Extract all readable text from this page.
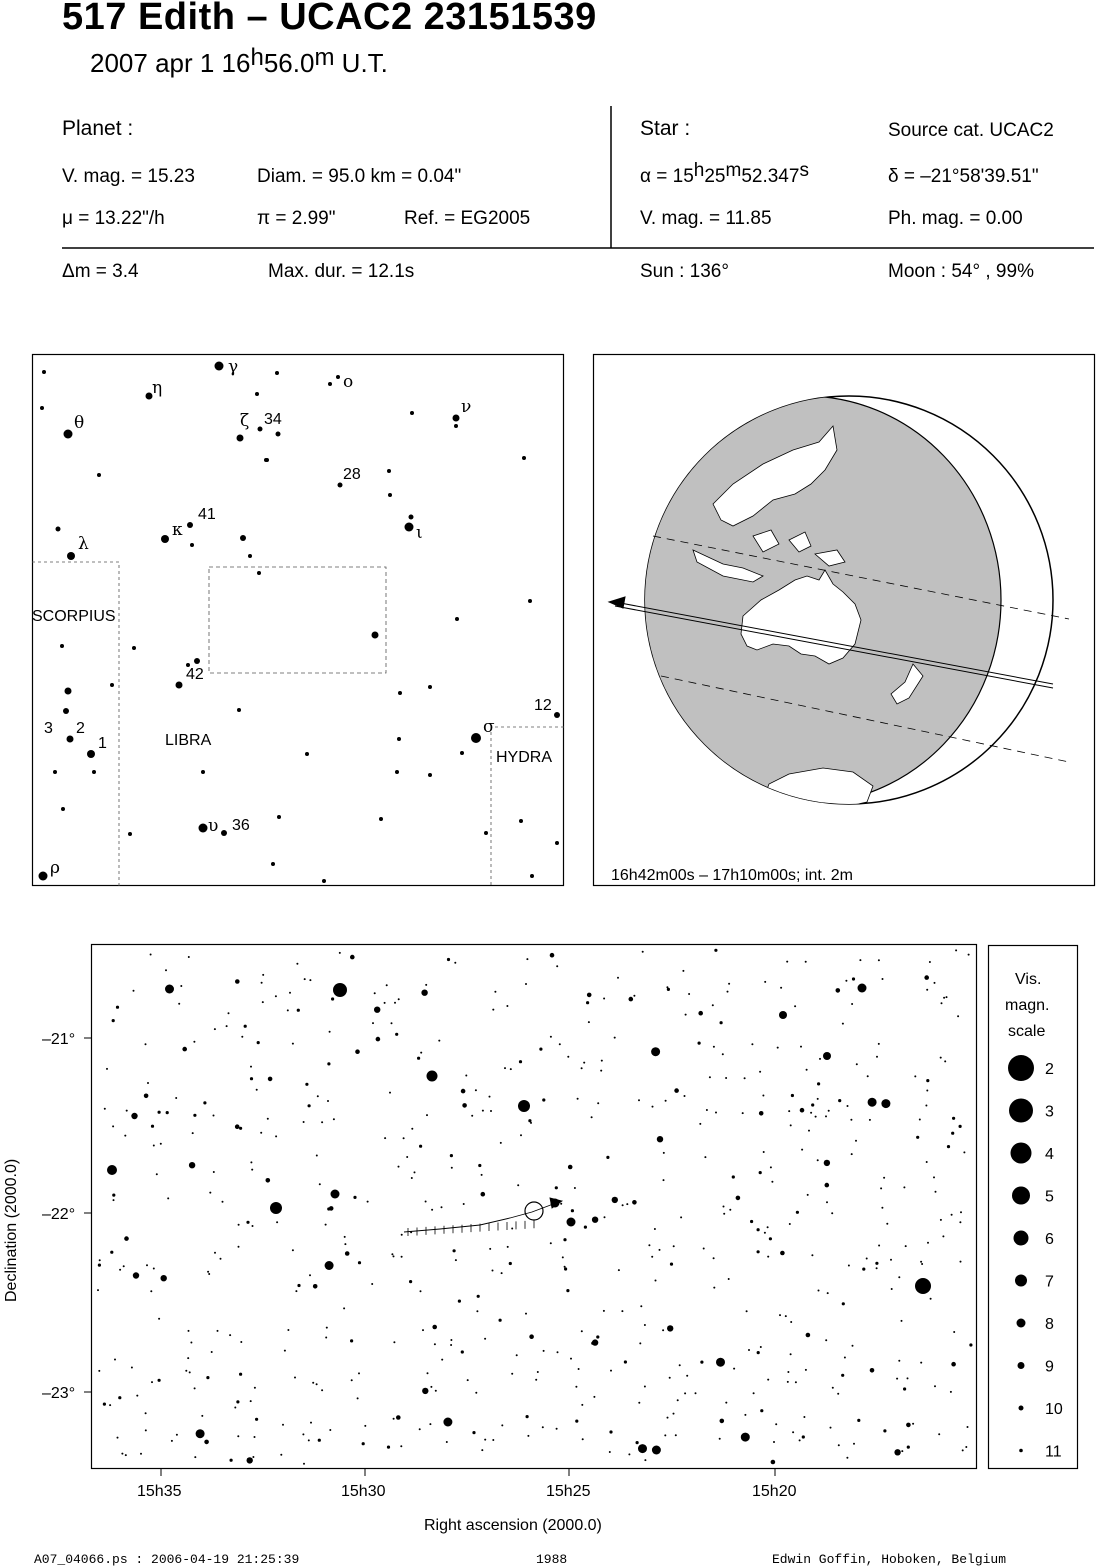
517 Edith – UCAC2 23151539
2007 apr 1 16$^h$56.0$^m$ U.T.
Planet :
V. mag. = 15.23	Diam. = 95.0 km = 0.04"
μ = 13.22"/h	π = 2.99"	Ref. = EG2005
Δm = 3.4	Max. dur. = 12.1s
Star :	Source cat. UCAC2
$\alpha = 15^h25^m52.347^s$	δ = –21°58'39.51"
V. mag. = 11.85	Ph. mag. = 0.00
Sun : 136°	Moon : 54° , 99%
SCORPIUS
LIBRA
HYDRA
γ
η	o
θ	ζ 34
ν
28
κ
41
ι
λ
42
12
σ
3 2
1
υ 36
ρ	16h42m00s – 17h10m00s; int. 2m
–21°
–22°
–23°
15h35	15h30	15h25	15h20
Right ascension (2000.0)
Declination (2000.0)
Vis.
magn.
scale
2
3
4
5
6
7
8
9
10
11
A07_04066.ps : 2006-04-19 21:25:39	1988	Edwin Goffin, Hoboken, Belgium
